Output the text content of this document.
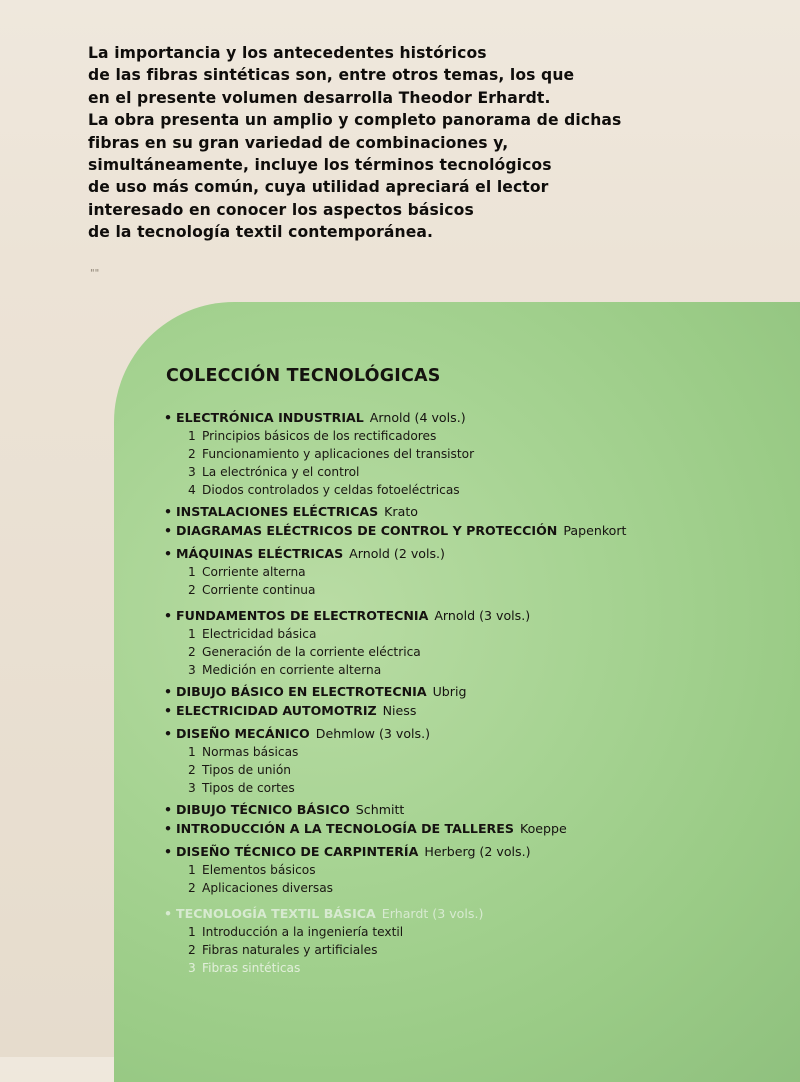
La importancia y los antecedentes históricos
de las fibras sintéticas son, entre otros temas, los que
en el presente volumen desarrolla Theodor Erhardt.
La obra presenta un amplio y completo panorama de dichas
fibras en su gran variedad de combinaciones y,
simultáneamente, incluye los términos tecnológicos
de uso más común, cuya utilidad apreciará el lector
interesado en conocer los aspectos básicos
de la tecnología textil contemporánea.
""
COLECCIÓN TECNOLÓGICAS
• ELECTRÓNICA INDUSTRIAL Arnold (4 vols.)
1 Principios básicos de los rectificadores
2 Funcionamiento y aplicaciones del transistor
3 La electrónica y el control
4 Diodos controlados y celdas fotoeléctricas
• INSTALACIONES ELÉCTRICAS Krato
• DIAGRAMAS ELÉCTRICOS DE CONTROL Y PROTECCIÓN Papenkort
• MÁQUINAS ELÉCTRICAS Arnold (2 vols.)
1 Corriente alterna
2 Corriente continua
• FUNDAMENTOS DE ELECTROTECNIA Arnold (3 vols.)
1 Electricidad básica
2 Generación de la corriente eléctrica
3 Medición en corriente alterna
• DIBUJO BÁSICO EN ELECTROTECNIA Ubrig
• ELECTRICIDAD AUTOMOTRIZ Niess
• DISEÑO MECÁNICO Dehmlow (3 vols.)
1 Normas básicas
2 Tipos de unión
3 Tipos de cortes
• DIBUJO TÉCNICO BÁSICO Schmitt
• INTRODUCCIÓN A LA TECNOLOGÍA DE TALLERES Koeppe
• DISEÑO TÉCNICO DE CARPINTERÍA Herberg (2 vols.)
1 Elementos básicos
2 Aplicaciones diversas
• TECNOLOGÍA TEXTIL BÁSICA Erhardt (3 vols.)
1 Introducción a la ingeniería textil
2 Fibras naturales y artificiales
3 Fibras sintéticas
